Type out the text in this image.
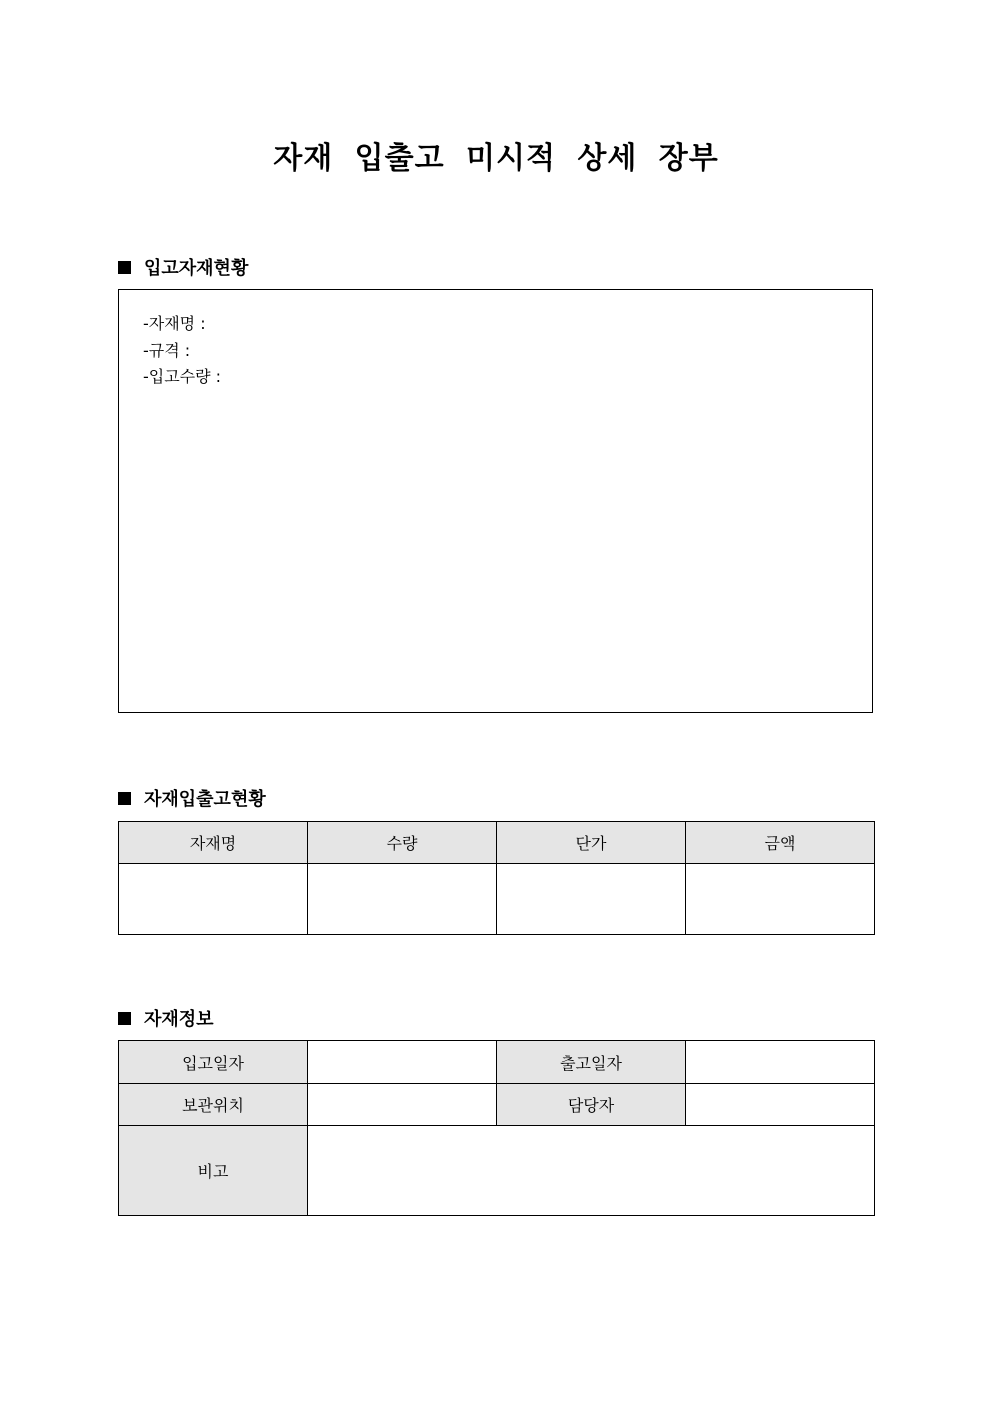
자재 입출고 미시적 상세 장부
입고자재현황
-자재명 :
-규격 :
-입고수량 :
자재입출고현황
자재명	수량	단가	금액

자재정보
입고일자		출고일자	
보관위치		담당자	
비고			
